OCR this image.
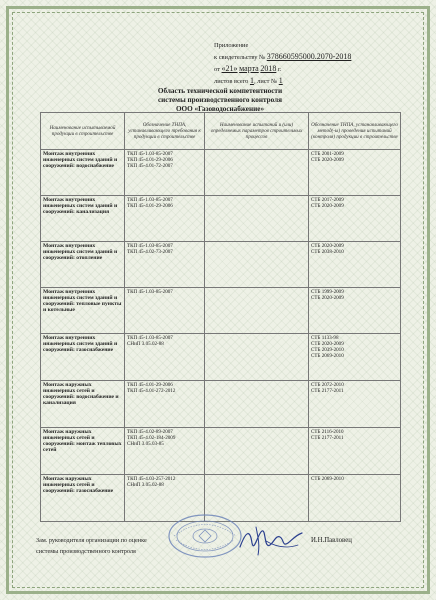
Приложение
к свидетельству № 378660595000.2070-2018
от «21» марта 2018 г.
листов всего 1, лист № 1
Область технической компетентности
системы производственного контроля
ООО «Газоводоснабжение»
Наименование испытываемой продукции в строительстве	Обозначение ТНПА, устанавливающего требования к продукции в строительстве	Наименование испытаний и (или) определяемых параметров строительных процессов	Обозначение ТНПА, устанавливающего метод(-ы) проведения испытаний (контроля) продукции в строительстве
Монтаж внутренних инженерных систем зданий и сооружений: водоснабжение	ТКП 45-1.03-85-2007
ТКП 45-4.01-29-2006
ТКП 45-4.01-72-2007		СТБ 2001-2009
СТБ 2020-2009

Монтаж внутренних инженерных систем зданий и сооружений: канализация	ТКП 45-1.03-85-2007
ТКП 45-4.01-29-2006		СТБ 2017-2009
СТБ 2020-2009

Монтаж внутренних инженерных систем зданий и сооружений: отопление	ТКП 45-1.03-85-2007
ТКП 45-4.02-73-2007		СТБ 2020-2009
СТБ 2038-2010

Монтаж внутренних инженерных систем зданий и сооружений: тепловые пункты и котельные	ТКП 45-1.03-85-2007		СТБ 1999-2009
СТБ 2020-2009

Монтаж внутренних инженерных систем зданий и сооружений: газоснабжение	ТКП 45-1.03-85-2007
СНиП 3.05.02-88		СТБ 1133-98
СТБ 2020-2009
СТБ 2039-2010
СТБ 2069-2010

Монтаж наружных инженерных сетей и сооружений: водоснабжение и канализация	ТКП 45-4.01-29-2006
ТКП 45-4.01-272-2012		СТБ 2072-2010
СТБ 2177-2011

Монтаж наружных инженерных сетей и сооружений: монтаж тепловых сетей	ТКП 45-4.02-89-2007
ТКП 45-4.02-184-2009
СНиП 3.05.03-85		СТБ 2116-2010
СТБ 2177-2011

Монтаж наружных инженерных сетей и сооружений: газоснабжение	ТКП 45-4.03-257-2012
СНиП 3.05.02-88		СТБ 2069-2010
Зам. руководителя организации по оценке
системы производственного контроля
И.Н.Павловец
